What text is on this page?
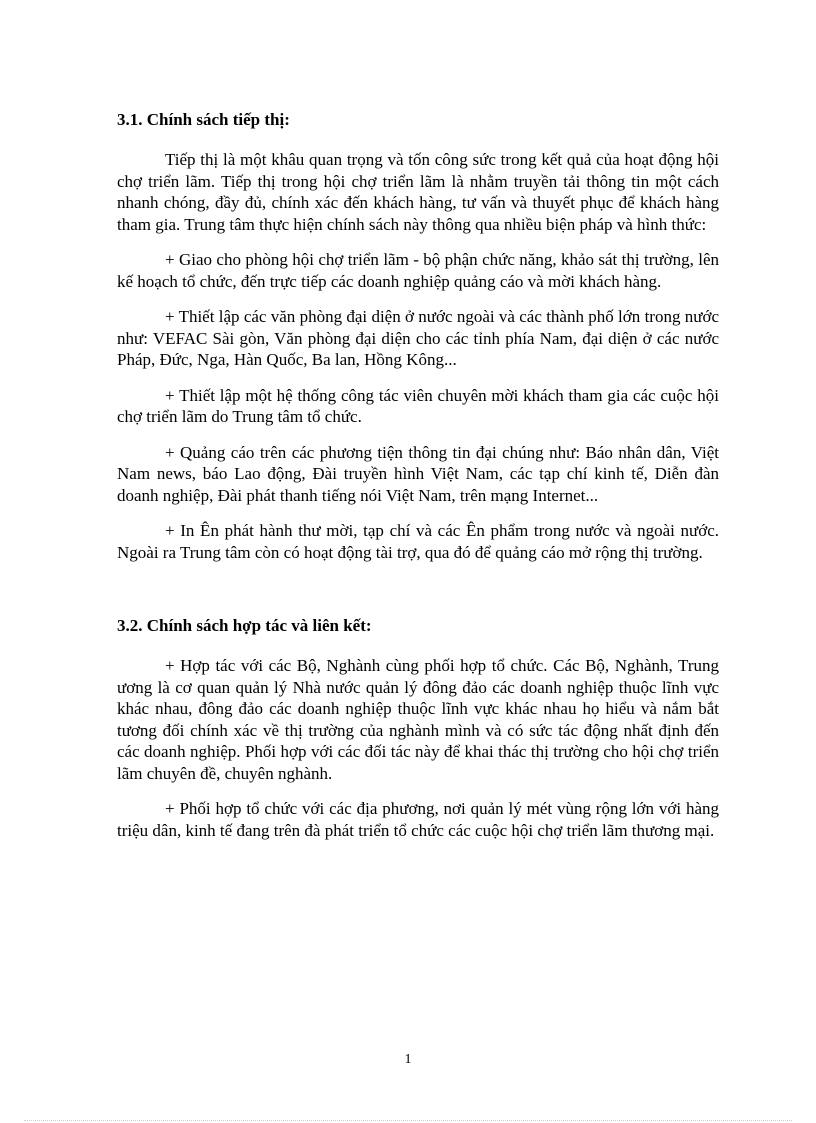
3.1. Chính sách tiếp thị:

Tiếp thị là một khâu quan trọng và tốn công sức trong kết quả của hoạt động hội chợ triển lãm. Tiếp thị trong hội chợ triển lãm là nhằm truyền tải thông tin một cách nhanh chóng, đầy đủ, chính xác đến khách hàng, tư vấn và thuyết phục để khách hàng tham gia. Trung tâm thực hiện chính sách này thông qua nhiều biện pháp và hình thức:

+ Giao cho phòng hội chợ triển lãm - bộ phận chức năng, khảo sát thị trường, lên kế hoạch tổ chức, đến trực tiếp các doanh nghiệp quảng cáo và mời khách hàng.

+ Thiết lập các văn phòng đại diện ở nước ngoài và các thành phố lớn trong nước như: VEFAC Sài gòn, Văn phòng đại diện cho các tỉnh phía Nam, đại diện ở các nước Pháp, Đức, Nga, Hàn Quốc, Ba lan, Hồng Kông...

+ Thiết lập một hệ thống công tác viên chuyên mời khách tham gia các cuộc hội chợ triển lãm do Trung tâm tổ chức.

+ Quảng cáo trên các phương tiện thông tin đại chúng như: Báo nhân dân, Việt Nam news, báo Lao động, Đài truyền hình Việt Nam, các tạp chí kinh tế, Diễn đàn doanh nghiệp, Đài phát thanh tiếng nói Việt Nam, trên mạng Internet...

+ In Ên phát hành thư mời, tạp chí và các Ên phẩm trong nước và ngoài nước. Ngoài ra Trung tâm còn có hoạt động tài trợ, qua đó để quảng cáo mở rộng thị trường.

3.2. Chính sách hợp tác và liên kết:

+ Hợp tác với các Bộ, Nghành cùng phối hợp tổ chức. Các Bộ, Nghành, Trung ương là cơ quan quản lý Nhà nước quản lý đông đảo các doanh nghiệp thuộc lĩnh vực khác nhau, đông đảo các doanh nghiệp thuộc lĩnh vực khác nhau họ hiểu và nắm bắt tương đối chính xác về thị trường của nghành mình và có sức tác động nhất định đến các doanh nghiệp. Phối hợp với các đối tác này để khai thác thị trường cho hội chợ triển lãm chuyên đề, chuyên nghành.

+ Phối hợp tổ chức với các địa phương, nơi quản lý mét vùng rộng lớn với hàng triệu dân, kinh tế đang trên đà phát triển tổ chức các cuộc hội chợ triển lãm thương mại.

1
